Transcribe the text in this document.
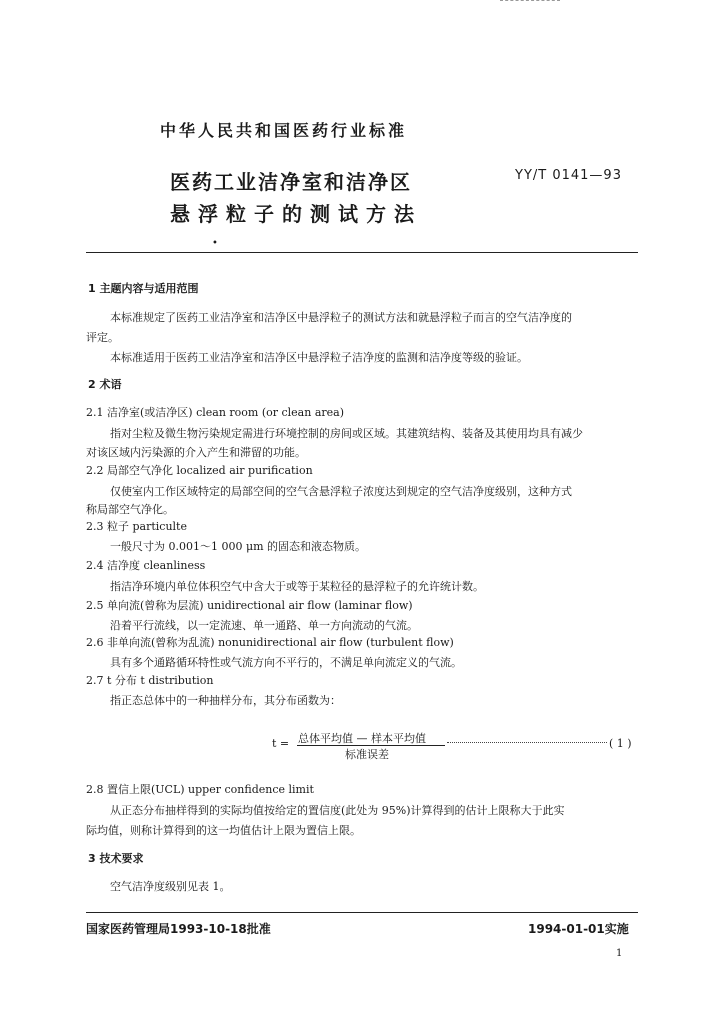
中华人民共和国医药行业标准
医药工业洁净室和洁净区
悬浮粒子的测试方法
YY/T 0141—93
•
1 主题内容与适用范围
本标准规定了医药工业洁净室和洁净区中悬浮粒子的测试方法和就悬浮粒子而言的空气洁净度的
评定。
本标准适用于医药工业洁净室和洁净区中悬浮粒子洁净度的监测和洁净度等级的验证。
2 术语
2.1 洁净室(或洁净区) clean room (or clean area)
指对尘粒及微生物污染规定需进行环境控制的房间或区域。其建筑结构、装备及其使用均具有减少
对该区域内污染源的介入产生和滞留的功能。
2.2 局部空气净化 localized air purification
仅使室内工作区域特定的局部空间的空气含悬浮粒子浓度达到规定的空气洁净度级别，这种方式
称局部空气净化。
2.3 粒子 particulte
一般尺寸为 0.001～1 000 μm 的固态和液态物质。
2.4 洁净度 cleanliness
指洁净环境内单位体积空气中含大于或等于某粒径的悬浮粒子的允许统计数。
2.5 单向流(曾称为层流) unidirectional air flow (laminar flow)
沿着平行流线，以一定流速、单一通路、单一方向流动的气流。
2.6 非单向流(曾称为乱流) nonunidirectional air flow (turbulent flow)
具有多个通路循环特性或气流方向不平行的，不满足单向流定义的气流。
2.7 t 分布 t distribution
指正态总体中的一种抽样分布，其分布函数为：
t = 总体平均值 — 样本平均值
标准误差
( 1 )
2.8 置信上限(UCL) upper confidence limit
从正态分布抽样得到的实际均值按给定的置信度(此处为 95%)计算得到的估计上限称大于此实
际均值，则称计算得到的这一均值估计上限为置信上限。
3 技术要求
空气洁净度级别见表 1。
国家医药管理局1993-10-18批准	1994-01-01实施
1
